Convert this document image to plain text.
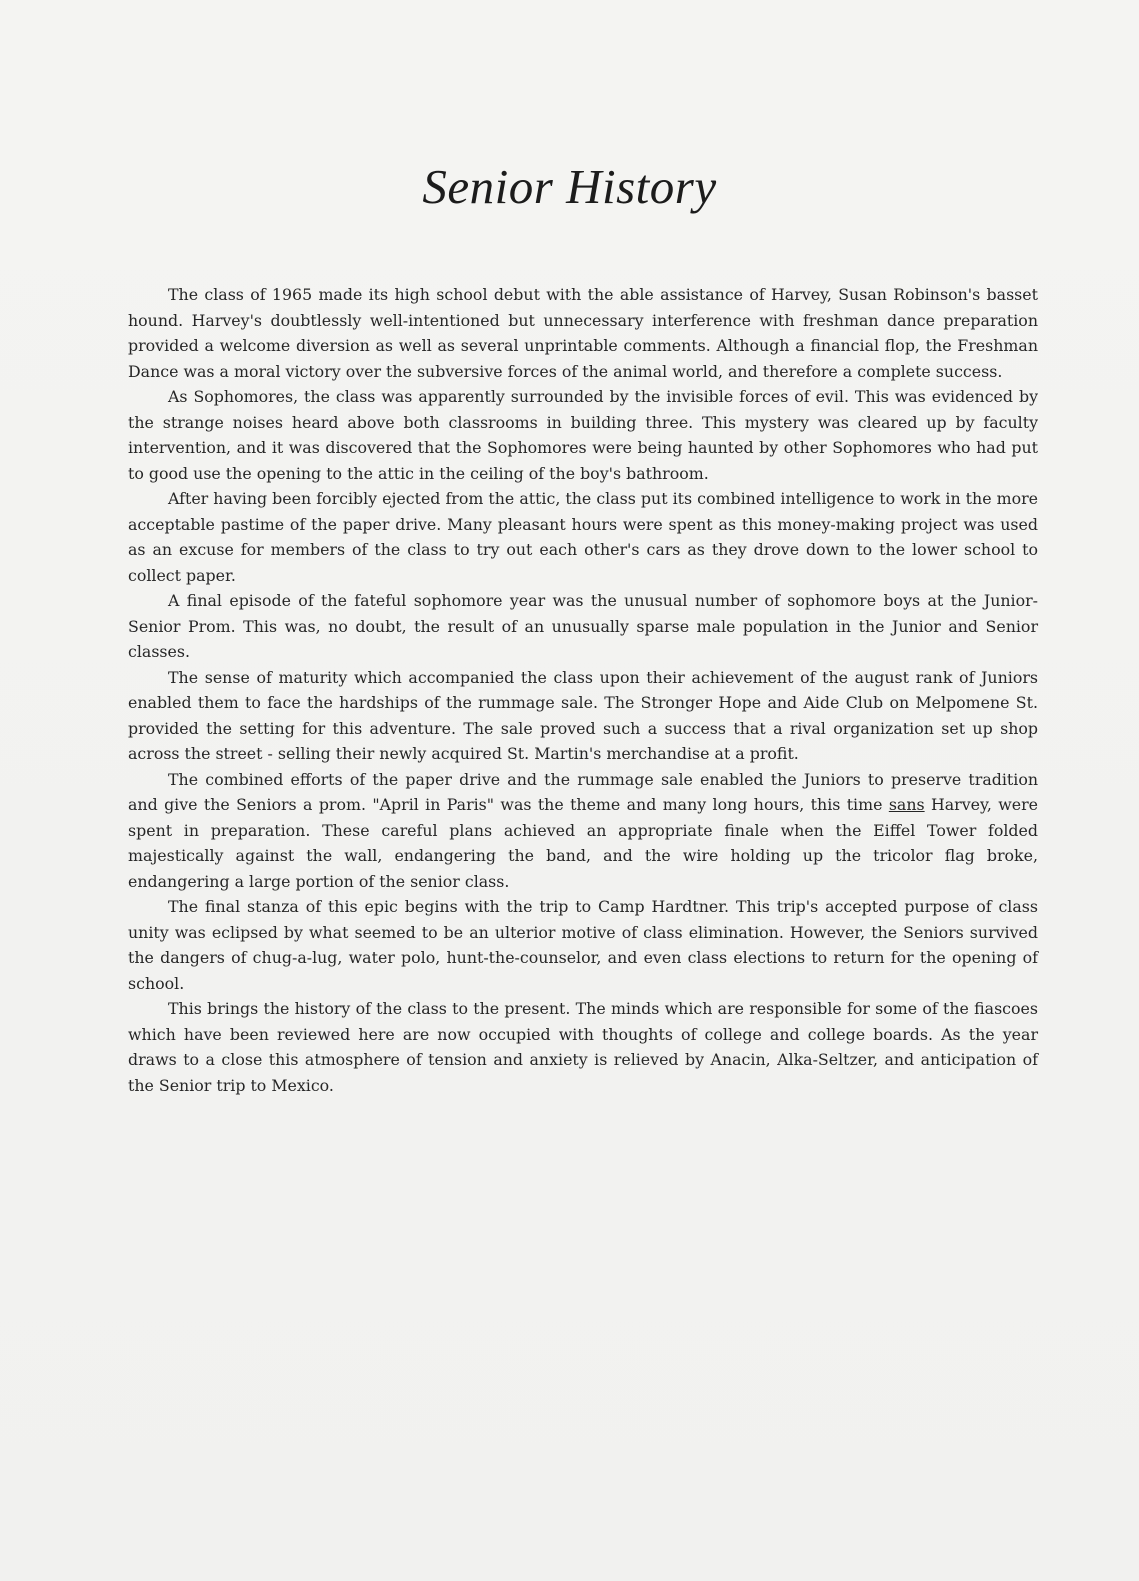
Senior History

The class of 1965 made its high school debut with the able assistance of Harvey, Susan Robinson's basset hound. Harvey's doubtlessly well-intentioned but unnecessary interference with freshman dance preparation provided a welcome diversion as well as several unprintable comments. Although a financial flop, the Freshman Dance was a moral victory over the subversive forces of the animal world, and therefore a complete success.

As Sophomores, the class was apparently surrounded by the invisible forces of evil. This was evidenced by the strange noises heard above both classrooms in building three. This mystery was cleared up by faculty intervention, and it was discovered that the Sophomores were being haunted by other Sophomores who had put to good use the opening to the attic in the ceiling of the boy's bathroom.

After having been forcibly ejected from the attic, the class put its combined intelligence to work in the more acceptable pastime of the paper drive. Many pleasant hours were spent as this money-making project was used as an excuse for members of the class to try out each other's cars as they drove down to the lower school to collect paper.

A final episode of the fateful sophomore year was the unusual number of sophomore boys at the Junior-Senior Prom. This was, no doubt, the result of an unusually sparse male population in the Junior and Senior classes.

The sense of maturity which accompanied the class upon their achievement of the august rank of Juniors enabled them to face the hardships of the rummage sale. The Stronger Hope and Aide Club on Melpomene St. provided the setting for this adventure. The sale proved such a success that a rival organization set up shop across the street - selling their newly acquired St. Martin's merchandise at a profit.

The combined efforts of the paper drive and the rummage sale enabled the Juniors to preserve tradition and give the Seniors a prom. "April in Paris" was the theme and many long hours, this time sans Harvey, were spent in preparation. These careful plans achieved an appropriate finale when the Eiffel Tower folded majestically against the wall, endangering the band, and the wire holding up the tricolor flag broke, endangering a large portion of the senior class.

The final stanza of this epic begins with the trip to Camp Hardtner. This trip's accepted purpose of class unity was eclipsed by what seemed to be an ulterior motive of class elimination. However, the Seniors survived the dangers of chug-a-lug, water polo, hunt-the-counselor, and even class elections to return for the opening of school.

This brings the history of the class to the present. The minds which are responsible for some of the fiascoes which have been reviewed here are now occupied with thoughts of college and college boards. As the year draws to a close this atmosphere of tension and anxiety is relieved by Anacin, Alka-Seltzer, and anticipation of the Senior trip to Mexico.
